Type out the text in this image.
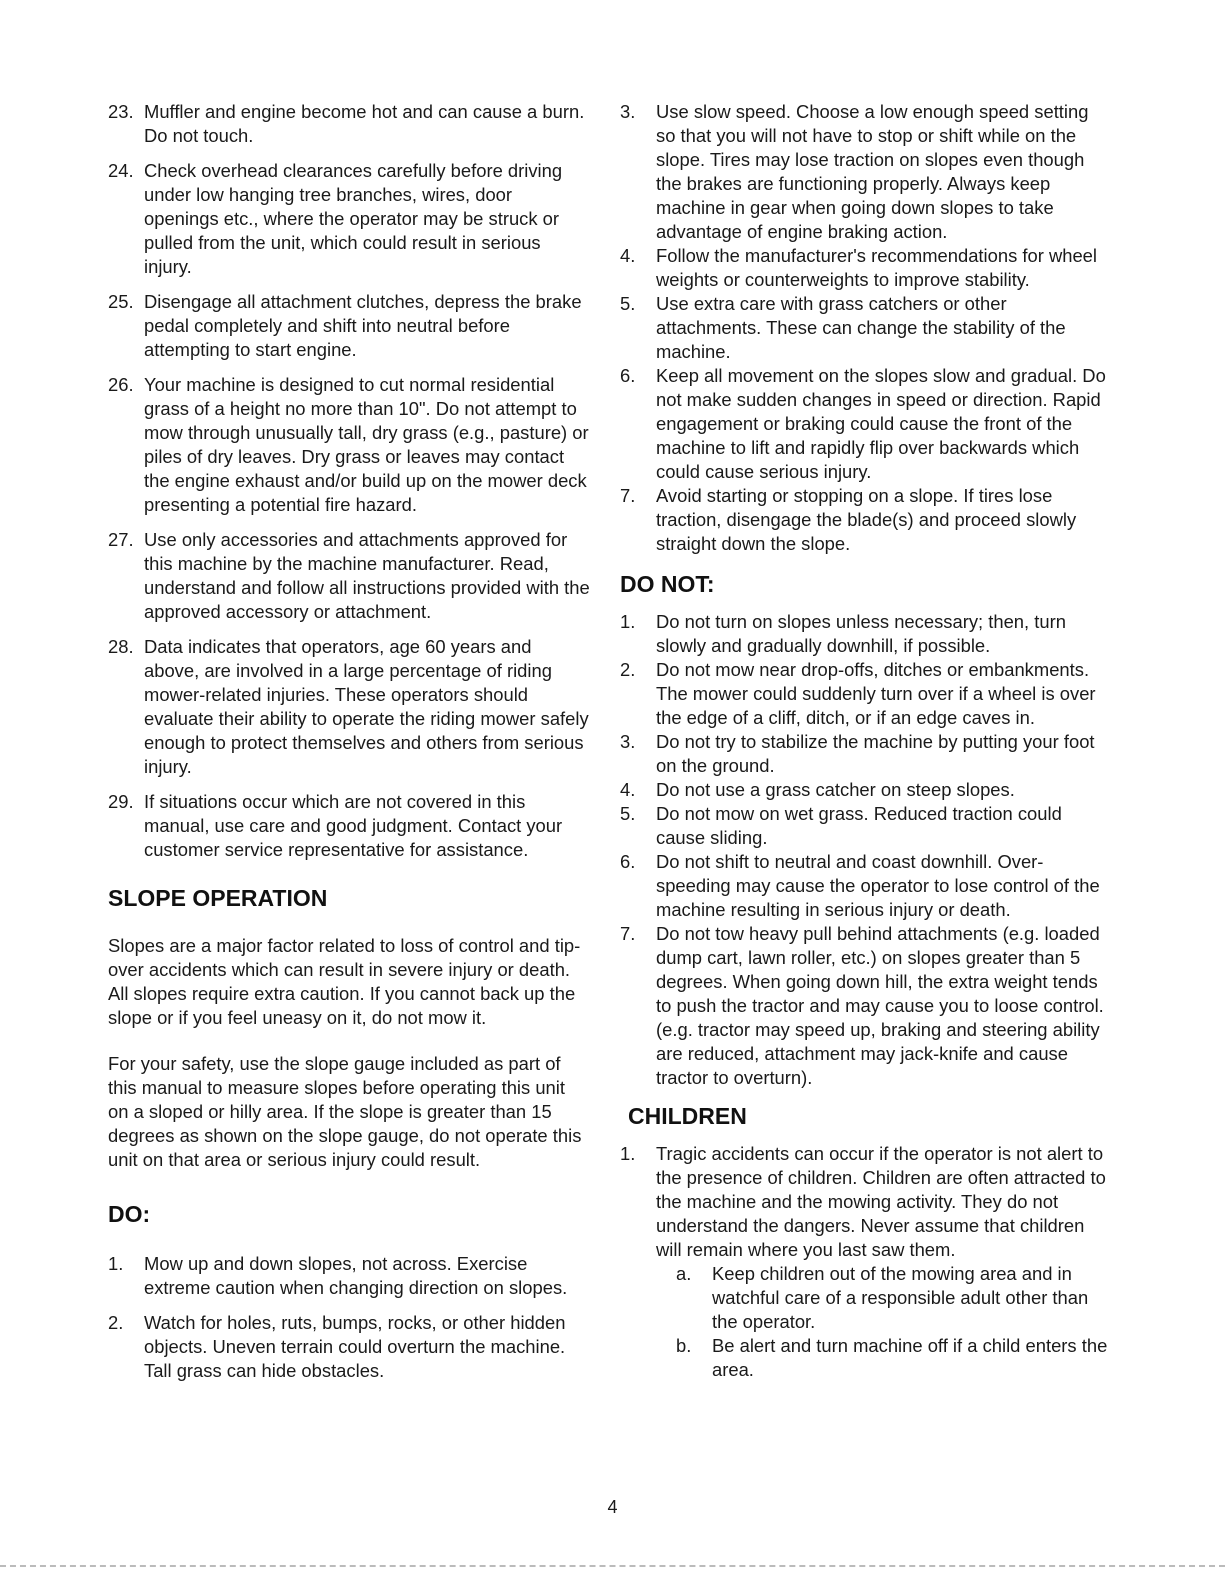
23. Muffler and engine become hot and can cause a burn. Do not touch.
24. Check overhead clearances carefully before driving under low hanging tree branches, wires, door openings etc., where the operator may be struck or pulled from the unit, which could result in serious injury.
25. Disengage all attachment clutches, depress the brake pedal completely and shift into neutral before attempting to start engine.
26. Your machine is designed to cut normal residential grass of a height no more than 10". Do not attempt to mow through unusually tall, dry grass (e.g., pasture) or piles of dry leaves. Dry grass or leaves may contact the engine exhaust and/or build up on the mower deck presenting a potential fire hazard.
27. Use only accessories and attachments approved for this machine by the machine manufacturer. Read, understand and follow all instructions provided with the approved accessory or attachment.
28. Data indicates that operators, age 60 years and above, are involved in a large percentage of riding mower-related injuries. These operators should evaluate their ability to operate the riding mower safely enough to protect themselves and others from serious injury.
29. If situations occur which are not covered in this manual, use care and good judgment. Contact your customer service representative for assistance.
SLOPE OPERATION
Slopes are a major factor related to loss of control and tip-over accidents which can result in severe injury or death. All slopes require extra caution. If you cannot back up the slope or if you feel uneasy on it, do not mow it.
For your safety, use the slope gauge included as part of this manual to measure slopes before operating this unit on a sloped or hilly area. If the slope is greater than 15 degrees as shown on the slope gauge, do not operate this unit on that area or serious injury could result.
DO:
1.	Mow up and down slopes, not across. Exercise extreme caution when changing direction on slopes.
2.	Watch for holes, ruts, bumps, rocks, or other hidden objects. Uneven terrain could overturn the machine. Tall grass can hide obstacles.
3.	Use slow speed. Choose a low enough speed setting so that you will not have to stop or shift while on the slope. Tires may lose traction on slopes even though the brakes are functioning properly. Always keep machine in gear when going down slopes to take advantage of engine braking action.
4.	Follow the manufacturer's recommendations for wheel weights or counterweights to improve stability.
5.	Use extra care with grass catchers or other attachments. These can change the stability of the machine.
6.	Keep all movement on the slopes slow and gradual. Do not make sudden changes in speed or direction. Rapid engagement or braking could cause the front of the machine to lift and rapidly flip over backwards which could cause serious injury.
7.	Avoid starting or stopping on a slope. If tires lose traction, disengage the blade(s) and proceed slowly straight down the slope.
DO NOT:
1.	Do not turn on slopes unless necessary; then, turn slowly and gradually downhill, if possible.
2.	Do not mow near drop-offs, ditches or embankments. The mower could suddenly turn over if a wheel is over the edge of a cliff, ditch, or if an edge caves in.
3.	Do not try to stabilize the machine by putting your foot on the ground.
4.	Do not use a grass catcher on steep slopes.
5.	Do not mow on wet grass. Reduced traction could cause sliding.
6.	Do not shift to neutral and coast downhill. Over-speeding may cause the operator to lose control of the machine resulting in serious injury or death.
7.	Do not tow heavy pull behind attachments (e.g. loaded dump cart, lawn roller, etc.) on slopes greater than 5 degrees. When going down hill, the extra weight tends to push the tractor and may cause you to loose control. (e.g. tractor may speed up, braking and steering ability are reduced, attachment may jack-knife and cause tractor to overturn).
CHILDREN
1.	Tragic accidents can occur if the operator is not alert to the presence of children. Children are often attracted to the machine and the mowing activity. They do not understand the dangers. Never assume that children will remain where you last saw them.
a.	Keep children out of the mowing area and in watchful care of a responsible adult other than the operator.
b.	Be alert and turn machine off if a child enters the area.
4
